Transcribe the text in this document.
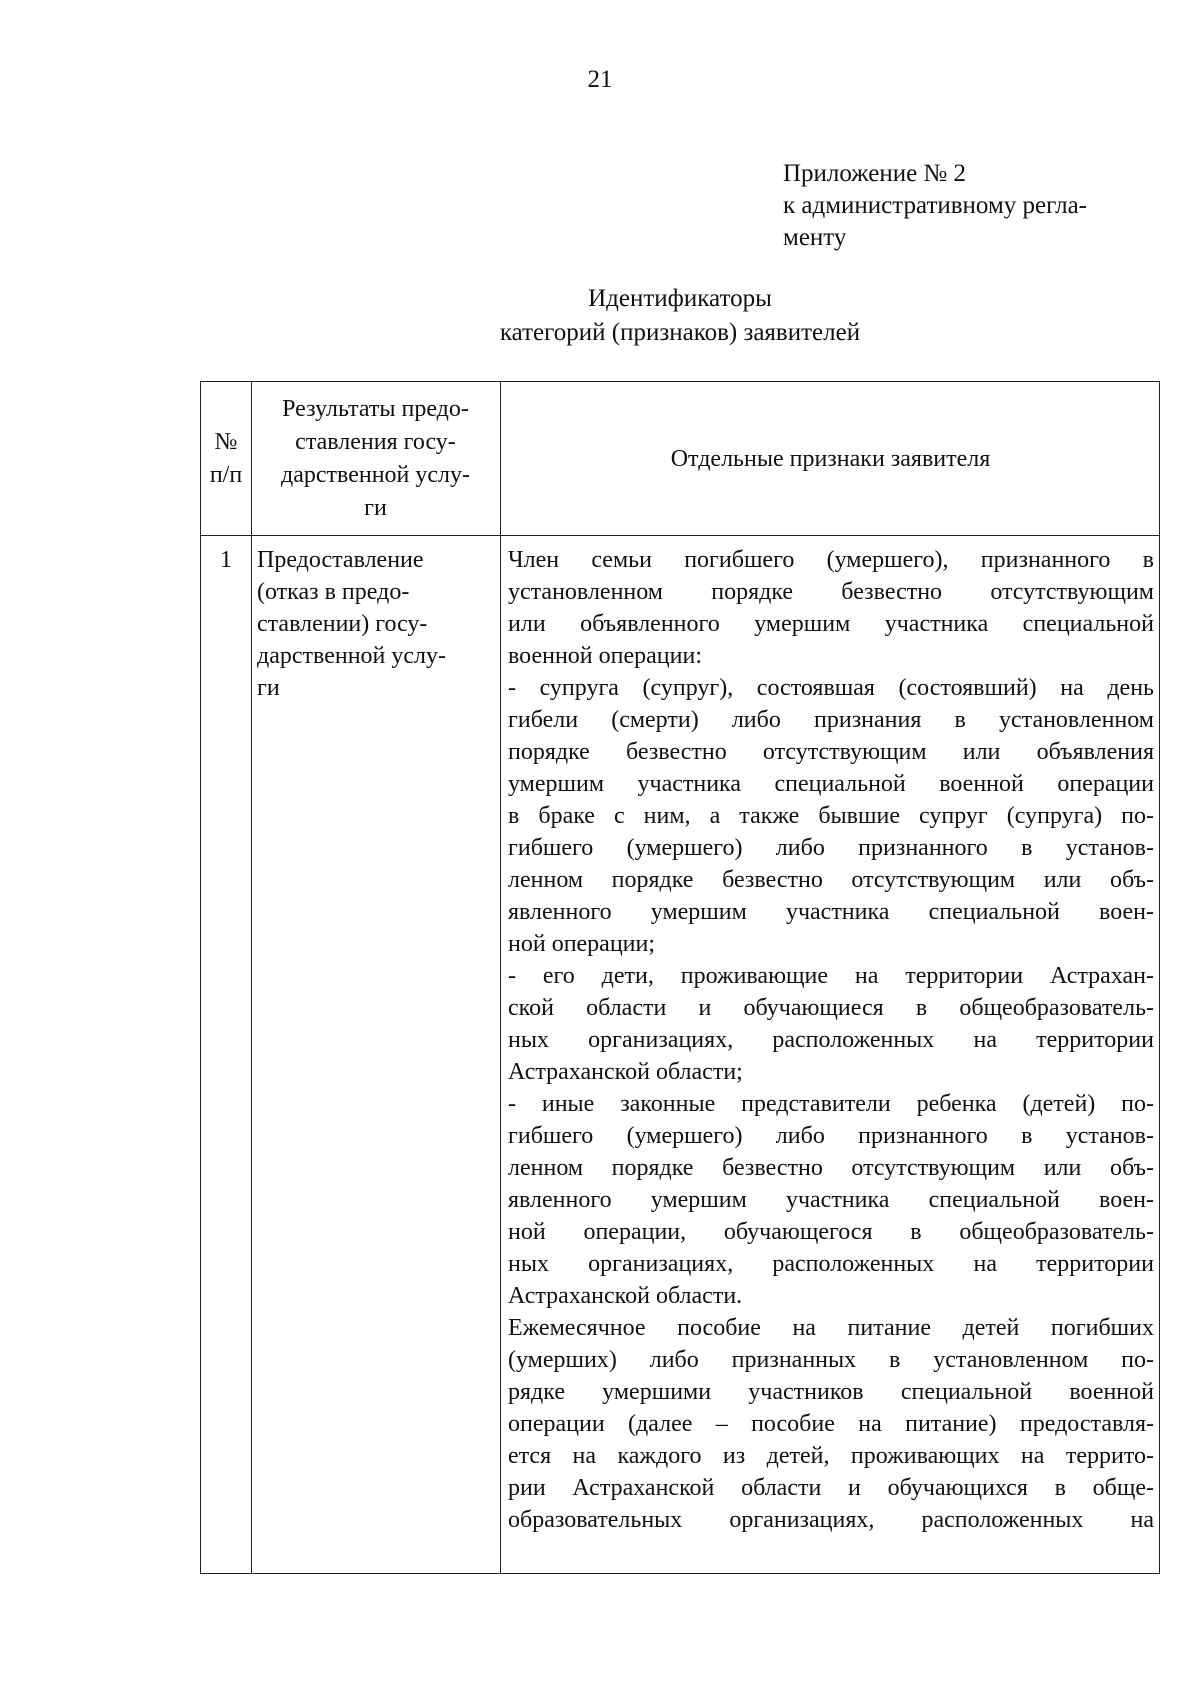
21
Приложение № 2
к административному регла-
менту
Идентификаторы
категорий (признаков) заявителей
№
п/п
Результаты предо-
ставления госу-
дарственной услу-
ги
Отдельные признаки заявителя
1	Предоставление
(отказ в предо-
ставлении) госу-
дарственной услу-
ги
Член семьи погибшего (умершего), признанного в
установленном порядке безвестно отсутствующим
или объявленного умершим участника специальной
военной операции:
- супруга (супруг), состоявшая (состоявший) на день
гибели (смерти) либо признания в установленном
порядке безвестно отсутствующим или объявления
умершим участника специальной военной операции
в браке с ним, а также бывшие супруг (супруга) по-
гибшего (умершего) либо признанного в установ-
ленном порядке безвестно отсутствующим или объ-
явленного умершим участника специальной воен-
ной операции;
- его дети, проживающие на территории Астрахан-
ской области и обучающиеся в общеобразователь-
ных организациях, расположенных на территории
Астраханской области;
- иные законные представители ребенка (детей) по-
гибшего (умершего) либо признанного в установ-
ленном порядке безвестно отсутствующим или объ-
явленного умершим участника специальной воен-
ной операции, обучающегося в общеобразователь-
ных организациях, расположенных на территории
Астраханской области.
Ежемесячное пособие на питание детей погибших
(умерших) либо признанных в установленном по-
рядке умершими участников специальной военной
операции (далее – пособие на питание) предоставля-
ется на каждого из детей, проживающих на террито-
рии Астраханской области и обучающихся в обще-
образовательных организациях, расположенных на
